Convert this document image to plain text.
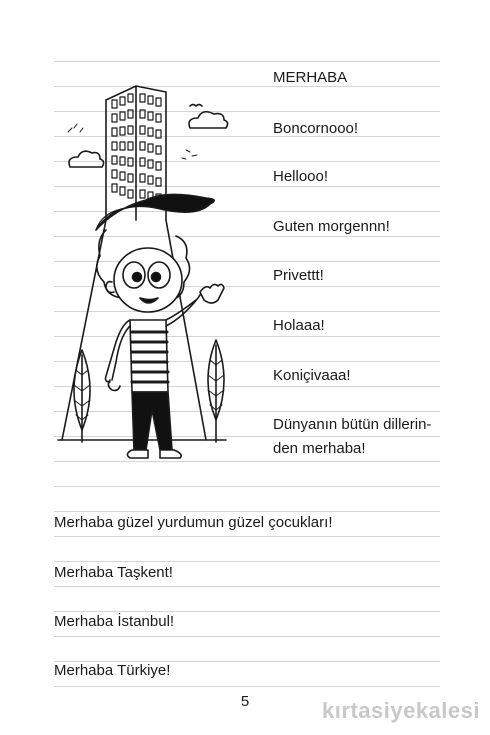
MERHABA
Boncornooo!
Hellooo!
Guten morgennn!
Privettt!
Holaaa!
Koniçivaaa!
Dünyanın bütün dillerin-
den merhaba!
Merhaba güzel yurdumun güzel çocukları!
Merhaba Taşkent!
Merhaba İstanbul!
Merhaba Türkiye!
5	kırtasiyekalesi
